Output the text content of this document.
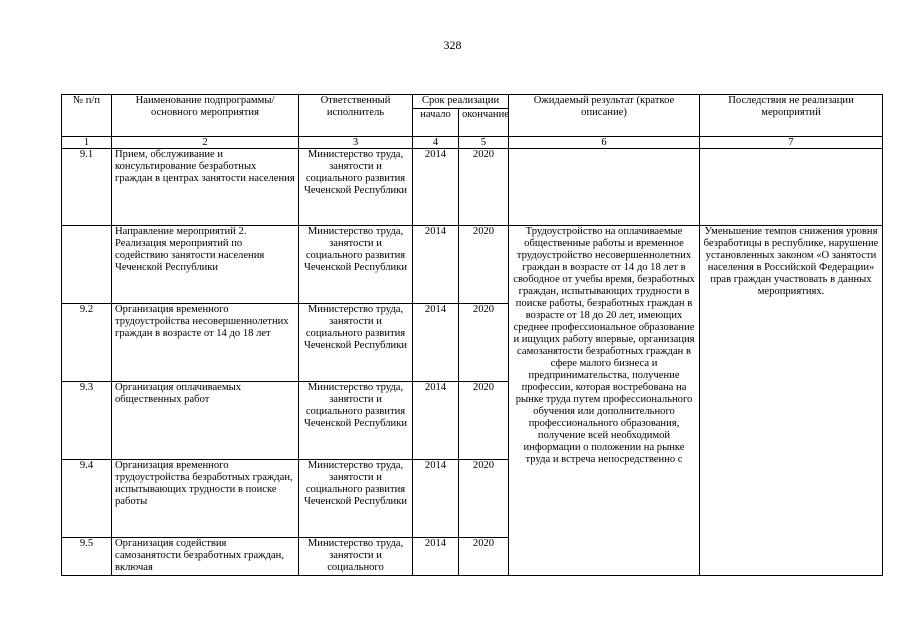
328
№ п/п	Наименование подпрограммы/ основного мероприятия	Ответственный исполнитель	Срок реализации		Ожидаемый результат (краткое описание)	Последствия не реализации мероприятий
			начало	окончание		
1	2	3	4	5	6	7
9.1	Прием, обслуживание и консультирование безработных граждан в центрах занятости населения	Министерство труда, занятости и социального развития Чеченской Республики	2014	2020		
	Направление мероприятий 2. Реализация мероприятий по содействию занятости населения Чеченской Республики	Министерство труда, занятости и социального развития Чеченской Республики	2014	2020	Трудоустройство на оплачиваемые общественные работы и временное трудоустройство несовершеннолетних граждан в возрасте от 14 до 18 лет в свободное от учебы время, безработных граждан, испытывающих трудности в поиске работы, безработных граждан в возрасте от 18 до 20 лет, имеющих среднее профессиональное образование и ищущих работу впервые, организация самозанятости безработных граждан в сфере малого бизнеса и предпринимательства, получение профессии, которая востребована на рынке труда путем профессионального обучения или дополнительного профессионального образования, получение всей необходимой информации о положении на рынке труда и встреча непосредственно с	Уменьшение темпов снижения уровня безработицы в республике, нарушение установленных законом «О занятости населения в Российской Федерации» прав граждан участвовать в данных мероприятиях.
9.2	Организация временного трудоустройства несовершеннолетних граждан в возрасте от 14 до 18 лет	Министерство труда, занятости и социального развития Чеченской Республики	2014	2020		
9.3	Организация оплачиваемых общественных работ	Министерство труда, занятости и социального развития Чеченской Республики	2014	2020		
9.4	Организация временного трудоустройства безработных граждан, испытывающих трудности в поиске работы	Министерство труда, занятости и социального развития Чеченской Республики	2014	2020		
9.5	Организация содействия самозанятости безработных граждан, включая	Министерство труда, занятости и социального	2014	2020		
